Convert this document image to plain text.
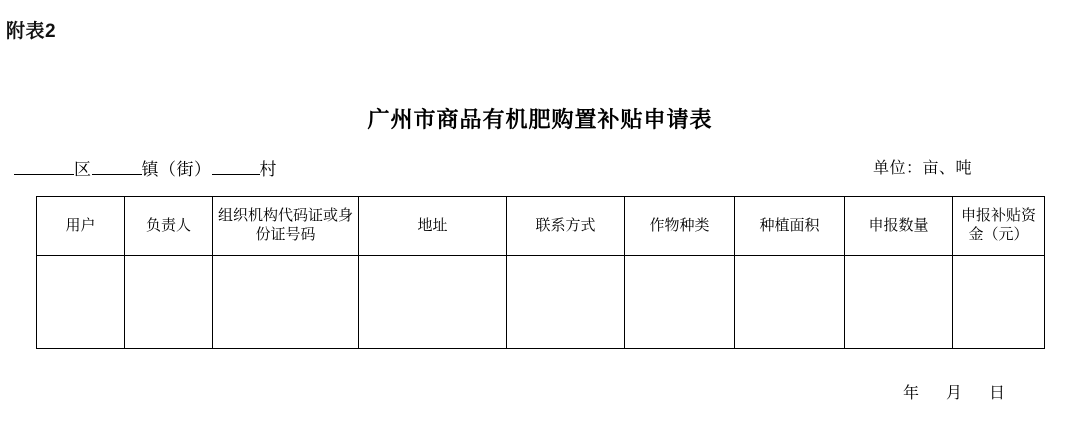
附表2
广州市商品有机肥购置补贴申请表
区	镇（街）	村	单位：亩、吨
用户	负责人	组织机构代码证或身份证号码	地址	联系方式	作物种类	种植面积	申报数量	申报补贴资金（元）

年 月 日
